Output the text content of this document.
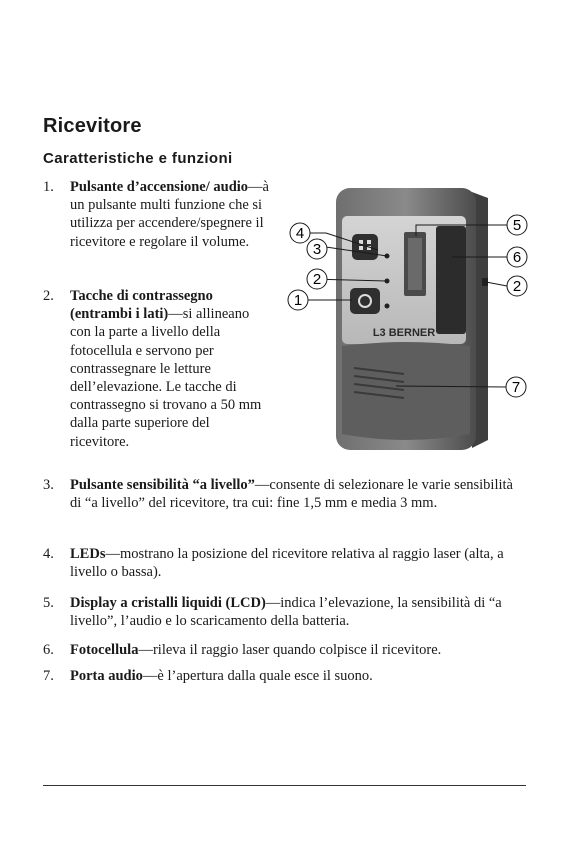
Ricevitore
Caratteristiche e funzioni
1.	Pulsante d’accensione/ audio—à un pulsante multi funzione che si utilizza per accendere/spegnere il ricevitore e regolare il volume.
2.	Tacche di contrassegno (entrambi i lati)—si allineano con la parte a livello della fotocellula e servono per contrassegnare le letture dell’elevazione. Le tacche di contrassegno si trovano a 50 mm dalla parte superiore del ricevitore.
3.	Pulsante sensibilità “a livello”—consente di selezionare le varie sensibilità di “a livello” del ricevitore, tra cui: fine 1,5 mm e media 3 mm.
4.	LEDs—mostrano la posizione del ricevitore relativa al raggio laser (alta, a livello o bassa).
5.	Display a cristalli liquidi (LCD)—indica l’elevazione, la sensibilità di “a livello”, l’audio e lo scaricamento della batteria.
6.	Fotocellula—rileva il raggio laser quando colpisce il ricevitore.
7.	Porta audio—è l’apertura dalla quale esce il suono.
L3 BERNER
4
3
2
1
5
6
2
7
